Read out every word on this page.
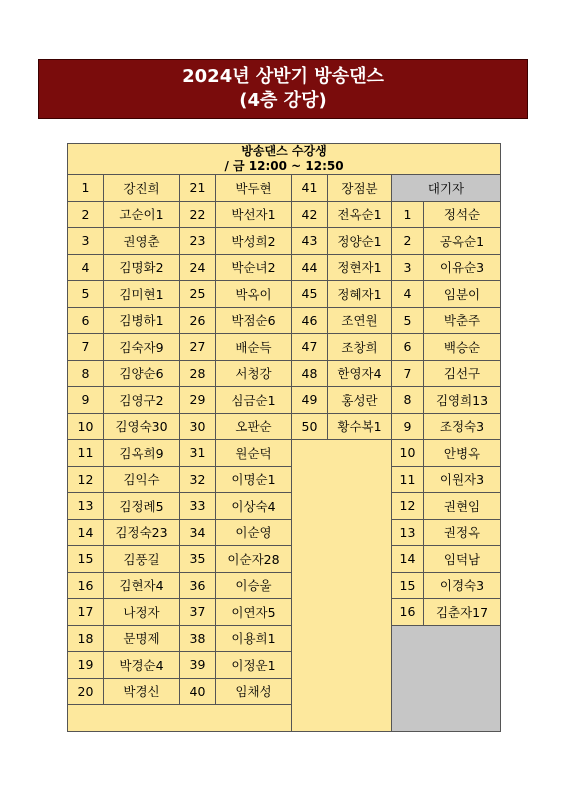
2024년 상반기 방송댄스
(4층 강당)
방송댄스 수강생
/ 금 12:00 ~ 12:50							

1	강진희	21	박두현	41	장점분	대기자	
2	고순이1	22	박선자1	42	전옥순1	1	정석순
3	권영춘	23	박성희2	43	정양순1	2	공옥순1
4	김명화2	24	박순녀2	44	정현자1	3	이유순3
5	김미현1	25	박옥이	45	정혜자1	4	임분이
6	김병하1	26	박점순6	46	조연원	5	박춘주
7	김숙자9	27	배순득	47	조창희	6	백승순
8	김양순6	28	서청강	48	한영자4	7	김선구
9	김영구2	29	심금순1	49	홍성란	8	김영희13
10	김영숙30	30	오판순	50	황수복1	9	조정숙3
11	김옥희9	31	원순덕			10	안병옥
12	김익수	32	이명순1			11	이원자3
13	김정례5	33	이상숙4			12	권현임
14	김정숙23	34	이순영			13	권정옥
15	김풍길	35	이순자28			14	임덕남
16	김현자4	36	이승울			15	이경숙3
17	나정자	37	이연자5			16	김춘자17
18	문명제	38	이용희1				
19	박경순4	39	이정운1				
20	박경신	40	임채성				
